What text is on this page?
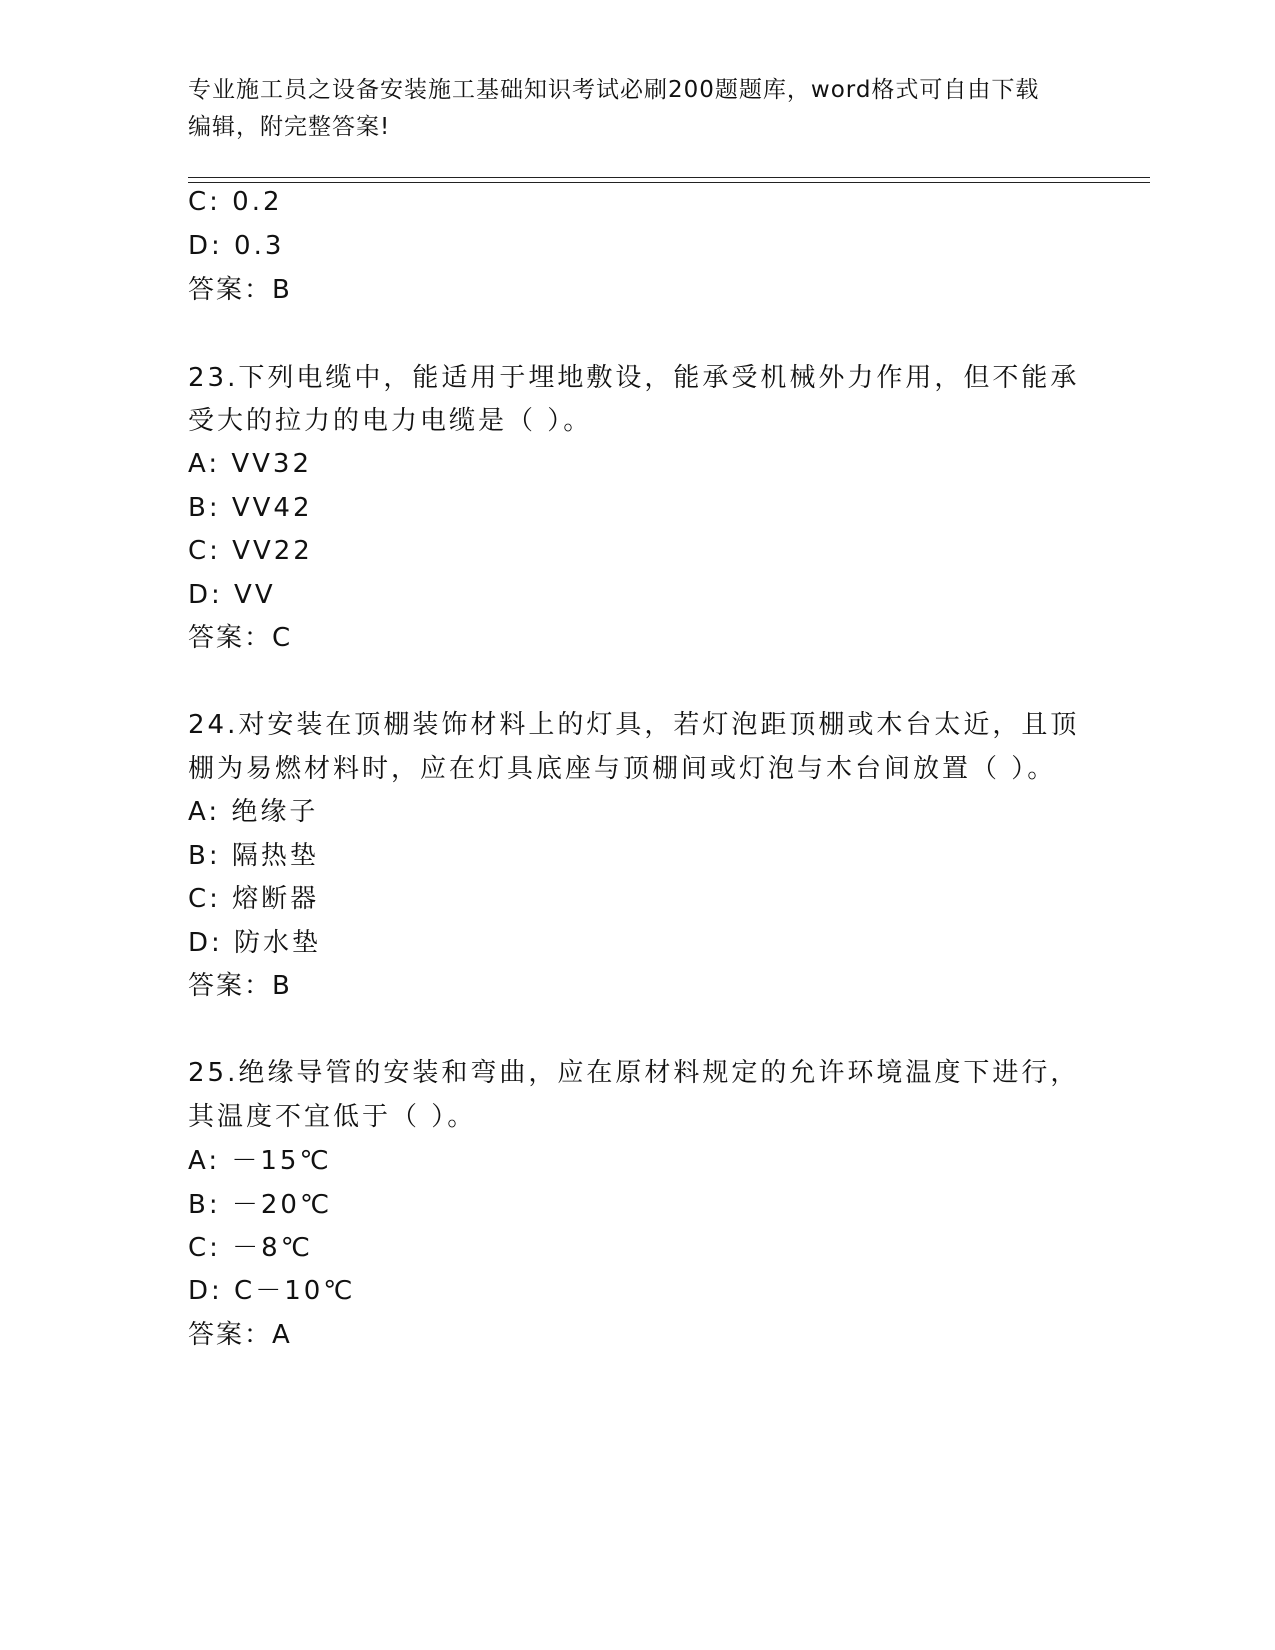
专业施工员之设备安装施工基础知识考试必刷200题题库，word格式可自由下载
编辑，附完整答案!
C: 0.2
D: 0.3
答案：B
23.下列电缆中，能适用于埋地敷设，能承受机械外力作用，但不能承
受大的拉力的电力电缆是（ ）。
A: VV32
B: VV42
C: VV22
D: VV
答案：C
24.对安装在顶棚装饰材料上的灯具，若灯泡距顶棚或木台太近，且顶
棚为易燃材料时，应在灯具底座与顶棚间或灯泡与木台间放置（ ）。
A: 绝缘子
B: 隔热垫
C: 熔断器
D: 防水垫
答案：B
25.绝缘导管的安装和弯曲，应在原材料规定的允许环境温度下进行，
其温度不宜低于（ ）。
A: －15℃
B: －20℃
C: －8℃
D: C－10℃
答案：A
